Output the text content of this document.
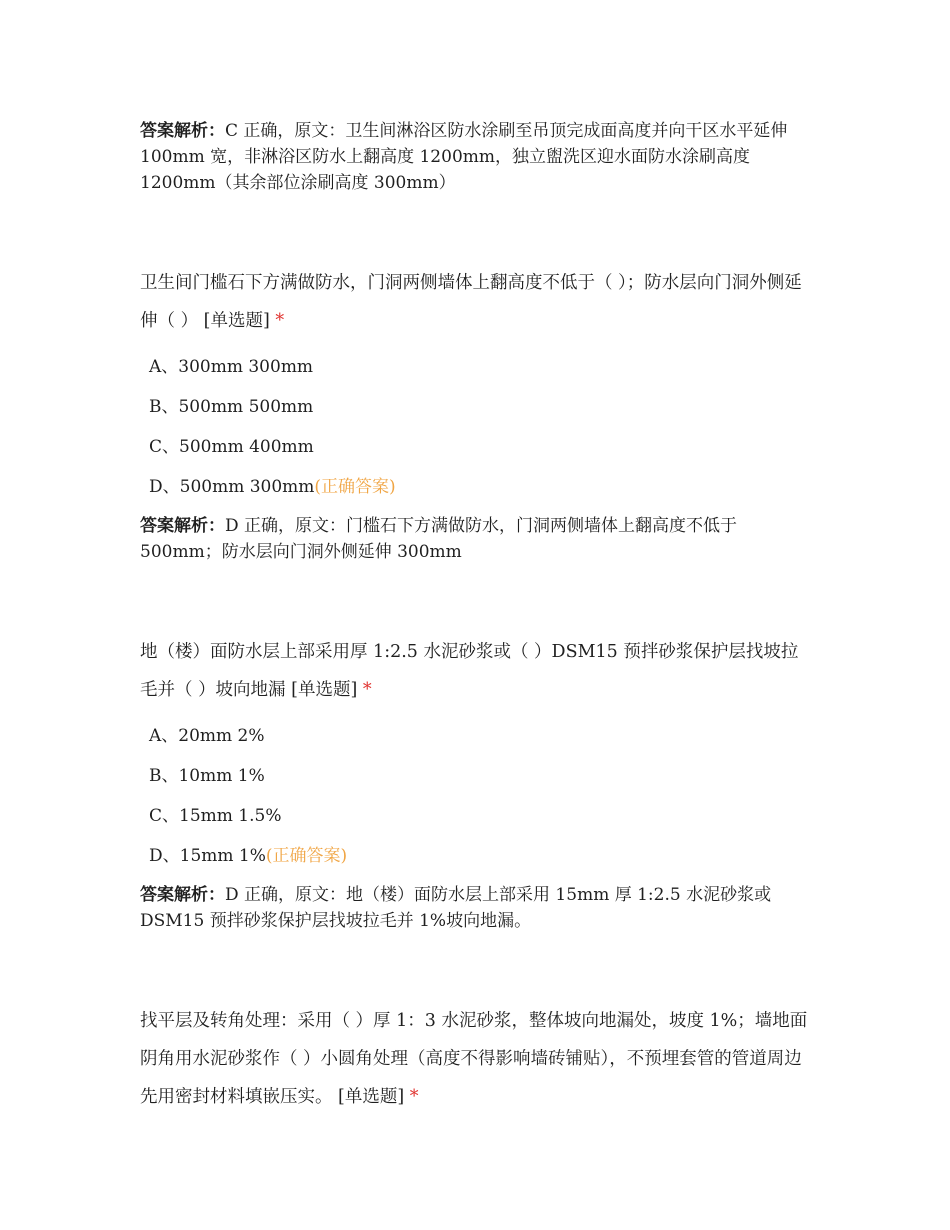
答案解析：C 正确，原文：卫生间淋浴区防水涂刷至吊顶完成面高度并向干区水平延伸 100mm 宽，非淋浴区防水上翻高度 1200mm，独立盥洗区迎水面防水涂刷高度 1200mm（其余部位涂刷高度 300mm）
卫生间门槛石下方满做防水，门洞两侧墙体上翻高度不低于（ ）；防水层向门洞外侧延伸（ ） [单选题] *
A、300mm 300mm
B、500mm 500mm
C、500mm 400mm
D、500mm 300mm(正确答案)
答案解析：D 正确，原文：门槛石下方满做防水，门洞两侧墙体上翻高度不低于 500mm；防水层向门洞外侧延伸 300mm
地（楼）面防水层上部采用厚 1:2.5 水泥砂浆或（ ）DSM15 预拌砂浆保护层找坡拉毛并（ ）坡向地漏 [单选题] *
A、20mm 2%
B、10mm 1%
C、15mm 1.5%
D、15mm 1%(正确答案)
答案解析：D 正确，原文：地（楼）面防水层上部采用 15mm 厚 1:2.5 水泥砂浆或 DSM15 预拌砂浆保护层找坡拉毛并 1%坡向地漏。
找平层及转角处理：采用（ ）厚 1：3 水泥砂浆，整体坡向地漏处，坡度 1%；墙地面阴角用水泥砂浆作（ ）小圆角处理（高度不得影响墙砖铺贴），不预埋套管的管道周边先用密封材料填嵌压实。 [单选题] *
